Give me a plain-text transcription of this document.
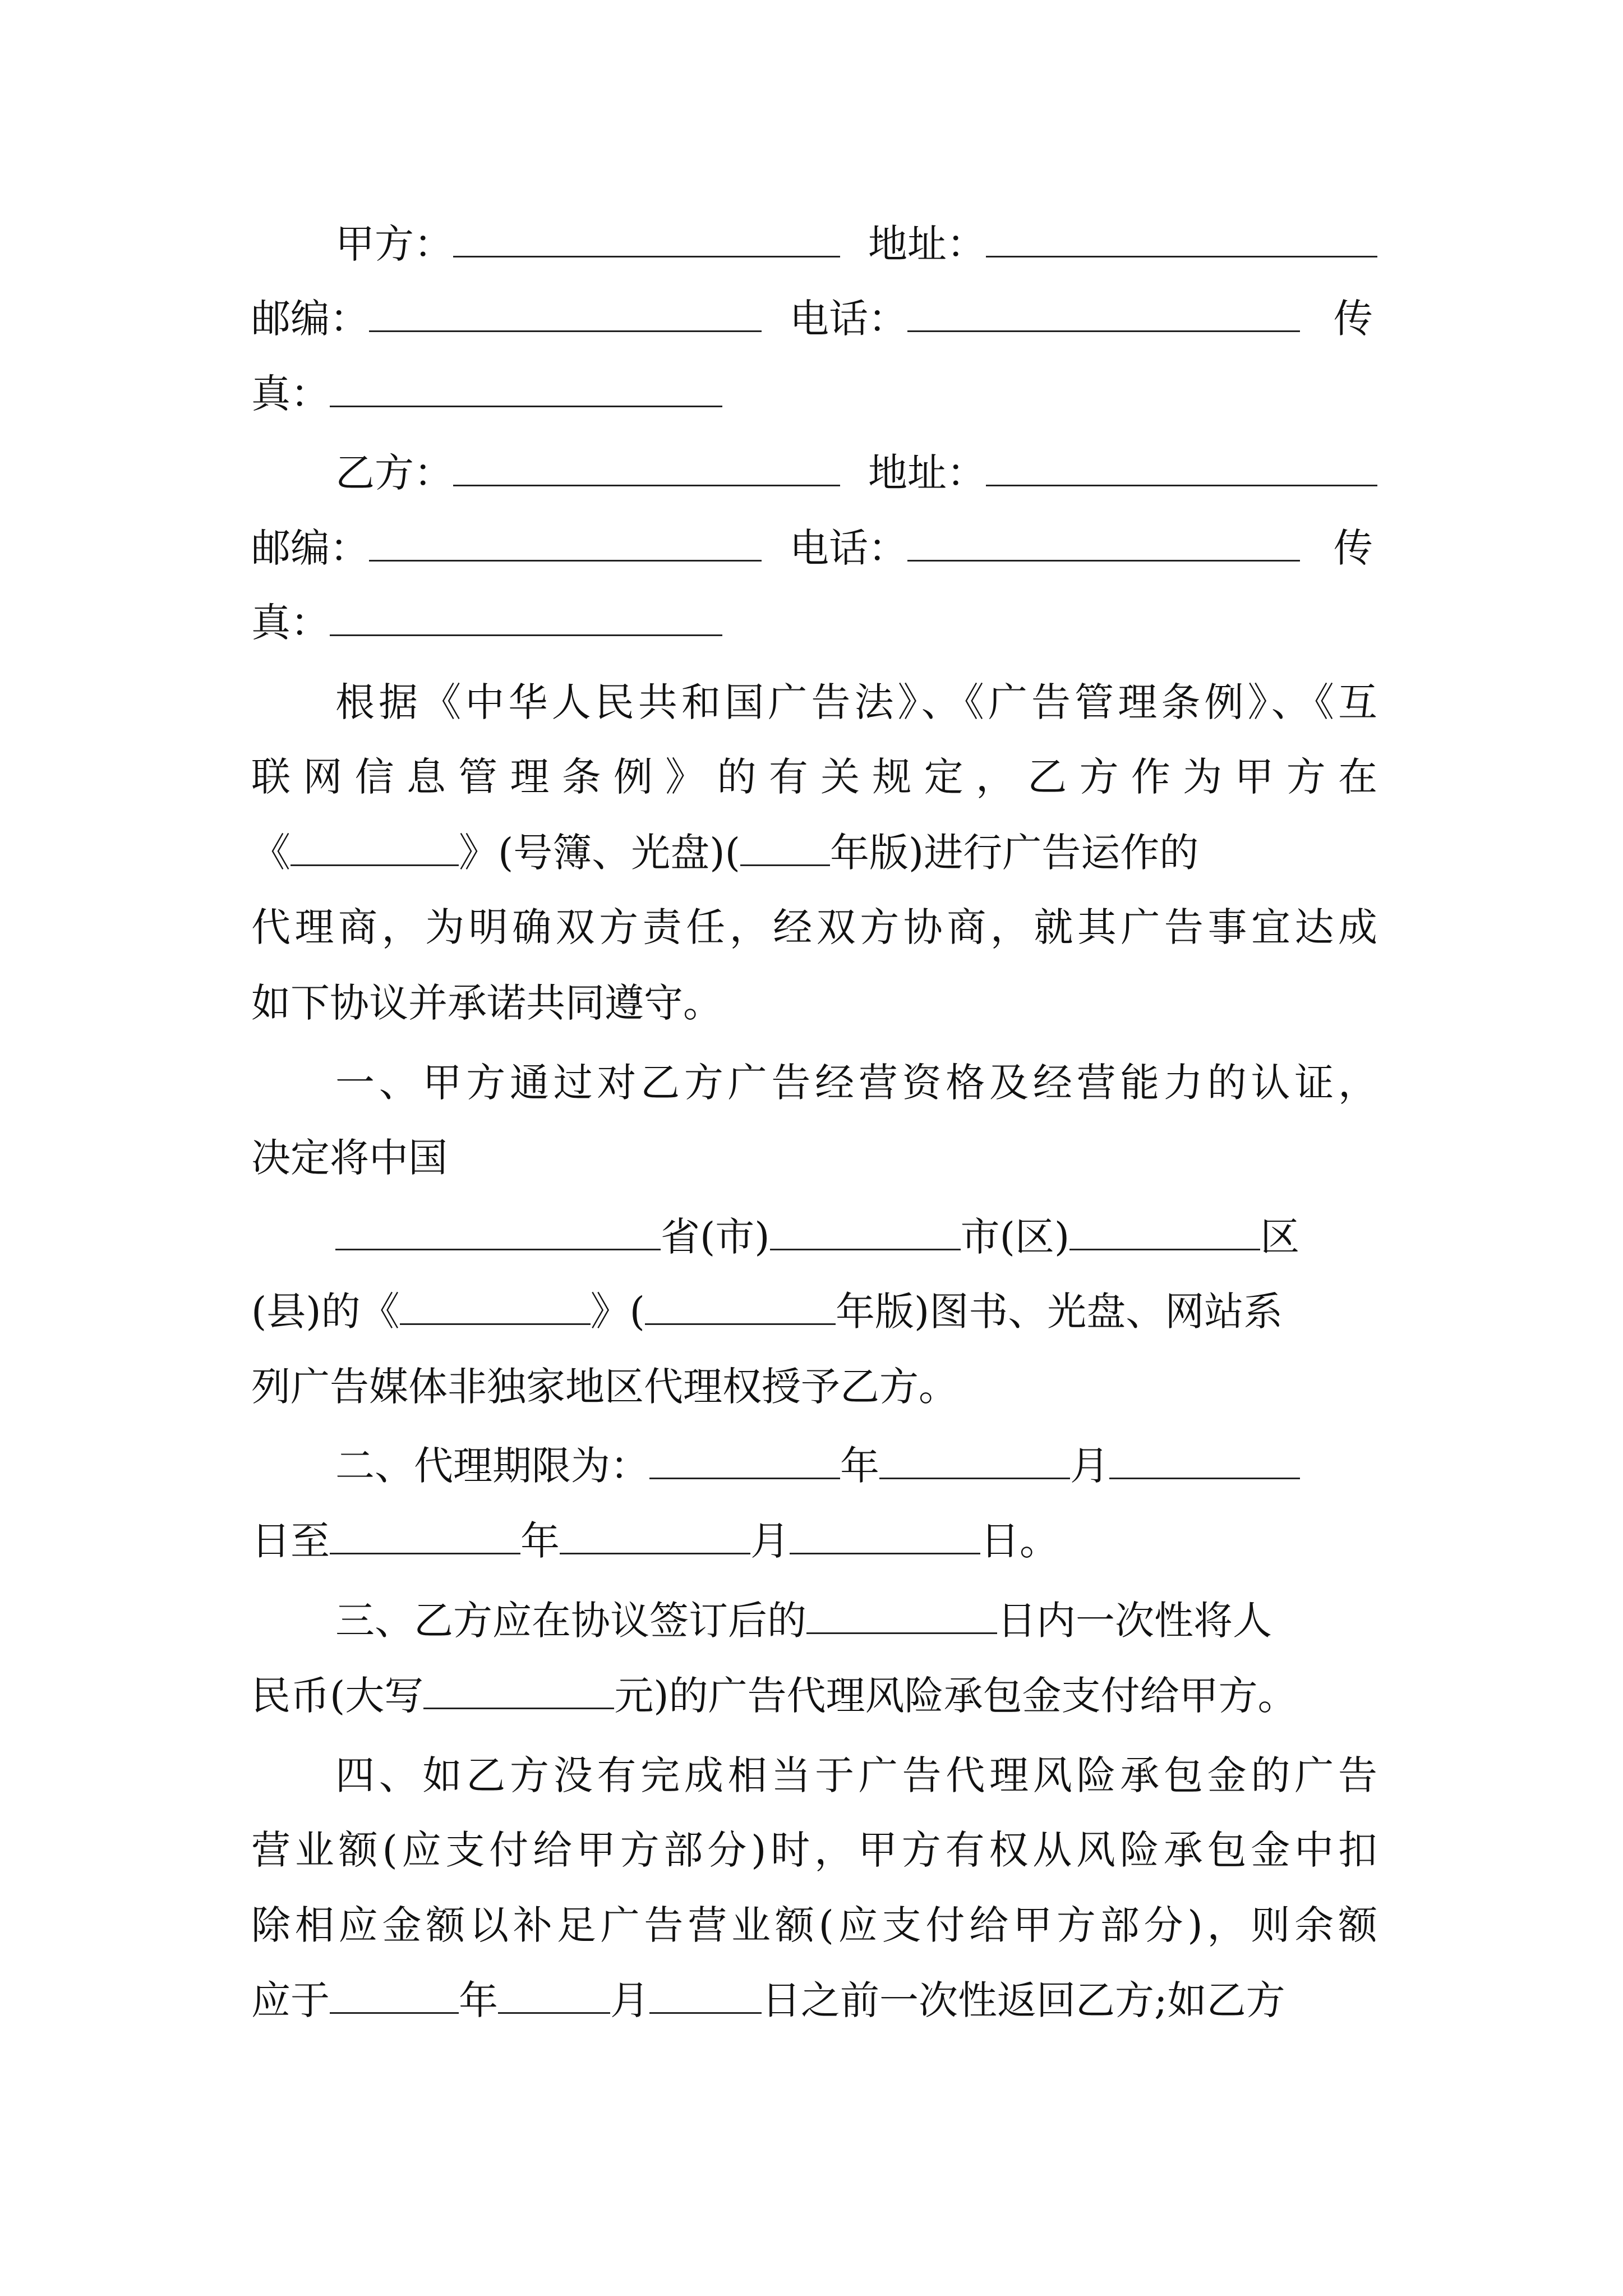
甲方：	地址：
邮编：	电话：	传
真：
乙方：	地址：
邮编：	电话：	传
真：
根据《中华人民共和国广告法》、《广告管理条例》、《互
联网信息管理条例》的有关规定，乙方作为甲方在
《	》(号簿、光盘)( 年版)进行广告运作的
代理商，为明确双方责任，经双方协商，就其广告事宜达成
如下协议并承诺共同遵守。
一、甲方通过对乙方广告经营资格及经营能力的认证，
决定将中国
省(市)	市(区)	区
(县)的《	》(	年版)图书、光盘、网站系
列广告媒体非独家地区代理权授予乙方。
二、代理期限为：	年	月
日至	年	月	日。
三、乙方应在协议签订后的	日内一次性将人
民币(大写	元)的广告代理风险承包金支付给甲方。
四、如乙方没有完成相当于广告代理风险承包金的广告
营业额(应支付给甲方部分)时，甲方有权从风险承包金中扣
除相应金额以补足广告营业额(应支付给甲方部分)，则余额
应于	年	月	日之前一次性返回乙方;如乙方
